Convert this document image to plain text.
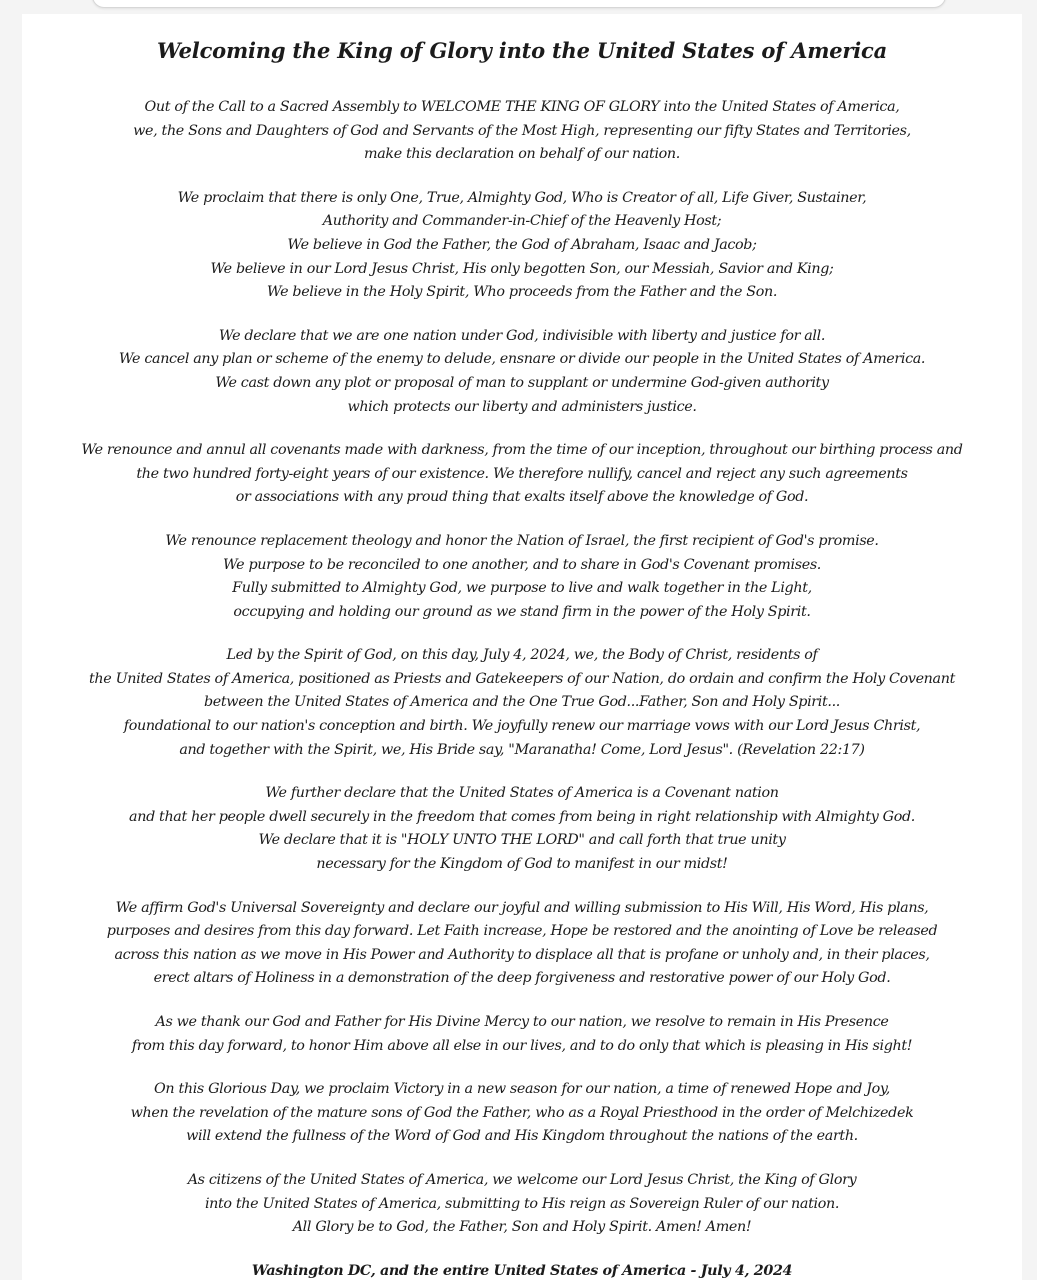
Welcoming the King of Glory into the United States of America
Out of the Call to a Sacred Assembly to WELCOME THE KING OF GLORY into the United States of America,
we, the Sons and Daughters of God and Servants of the Most High, representing our fifty States and Territories,
make this declaration on behalf of our nation.
We proclaim that there is only One, True, Almighty God, Who is Creator of all, Life Giver, Sustainer,
Authority and Commander-in-Chief of the Heavenly Host;
We believe in God the Father, the God of Abraham, Isaac and Jacob;
We believe in our Lord Jesus Christ, His only begotten Son, our Messiah, Savior and King;
We believe in the Holy Spirit, Who proceeds from the Father and the Son.
We declare that we are one nation under God, indivisible with liberty and justice for all.
We cancel any plan or scheme of the enemy to delude, ensnare or divide our people in the United States of America.
We cast down any plot or proposal of man to supplant or undermine God-given authority
which protects our liberty and administers justice.
We renounce and annul all covenants made with darkness, from the time of our inception, throughout our birthing process and
the two hundred forty-eight years of our existence. We therefore nullify, cancel and reject any such agreements
or associations with any proud thing that exalts itself above the knowledge of God.
We renounce replacement theology and honor the Nation of Israel, the first recipient of God's promise.
We purpose to be reconciled to one another, and to share in God's Covenant promises.
Fully submitted to Almighty God, we purpose to live and walk together in the Light,
occupying and holding our ground as we stand firm in the power of the Holy Spirit.
Led by the Spirit of God, on this day, July 4, 2024, we, the Body of Christ, residents of
the United States of America, positioned as Priests and Gatekeepers of our Nation, do ordain and confirm the Holy Covenant
between the United States of America and the One True God...Father, Son and Holy Spirit...
foundational to our nation's conception and birth. We joyfully renew our marriage vows with our Lord Jesus Christ,
and together with the Spirit, we, His Bride say, "Maranatha! Come, Lord Jesus". (Revelation 22:17)
We further declare that the United States of America is a Covenant nation
and that her people dwell securely in the freedom that comes from being in right relationship with Almighty God.
We declare that it is "HOLY UNTO THE LORD" and call forth that true unity
necessary for the Kingdom of God to manifest in our midst!
We affirm God's Universal Sovereignty and declare our joyful and willing submission to His Will, His Word, His plans,
purposes and desires from this day forward. Let Faith increase, Hope be restored and the anointing of Love be released
across this nation as we move in His Power and Authority to displace all that is profane or unholy and, in their places,
erect altars of Holiness in a demonstration of the deep forgiveness and restorative power of our Holy God.
As we thank our God and Father for His Divine Mercy to our nation, we resolve to remain in His Presence
from this day forward, to honor Him above all else in our lives, and to do only that which is pleasing in His sight!
On this Glorious Day, we proclaim Victory in a new season for our nation, a time of renewed Hope and Joy,
when the revelation of the mature sons of God the Father, who as a Royal Priesthood in the order of Melchizedek
will extend the fullness of the Word of God and His Kingdom throughout the nations of the earth.
As citizens of the United States of America, we welcome our Lord Jesus Christ, the King of Glory
into the United States of America, submitting to His reign as Sovereign Ruler of our nation.
All Glory be to God, the Father, Son and Holy Spirit. Amen! Amen!
Washington DC, and the entire United States of America - July 4, 2024
